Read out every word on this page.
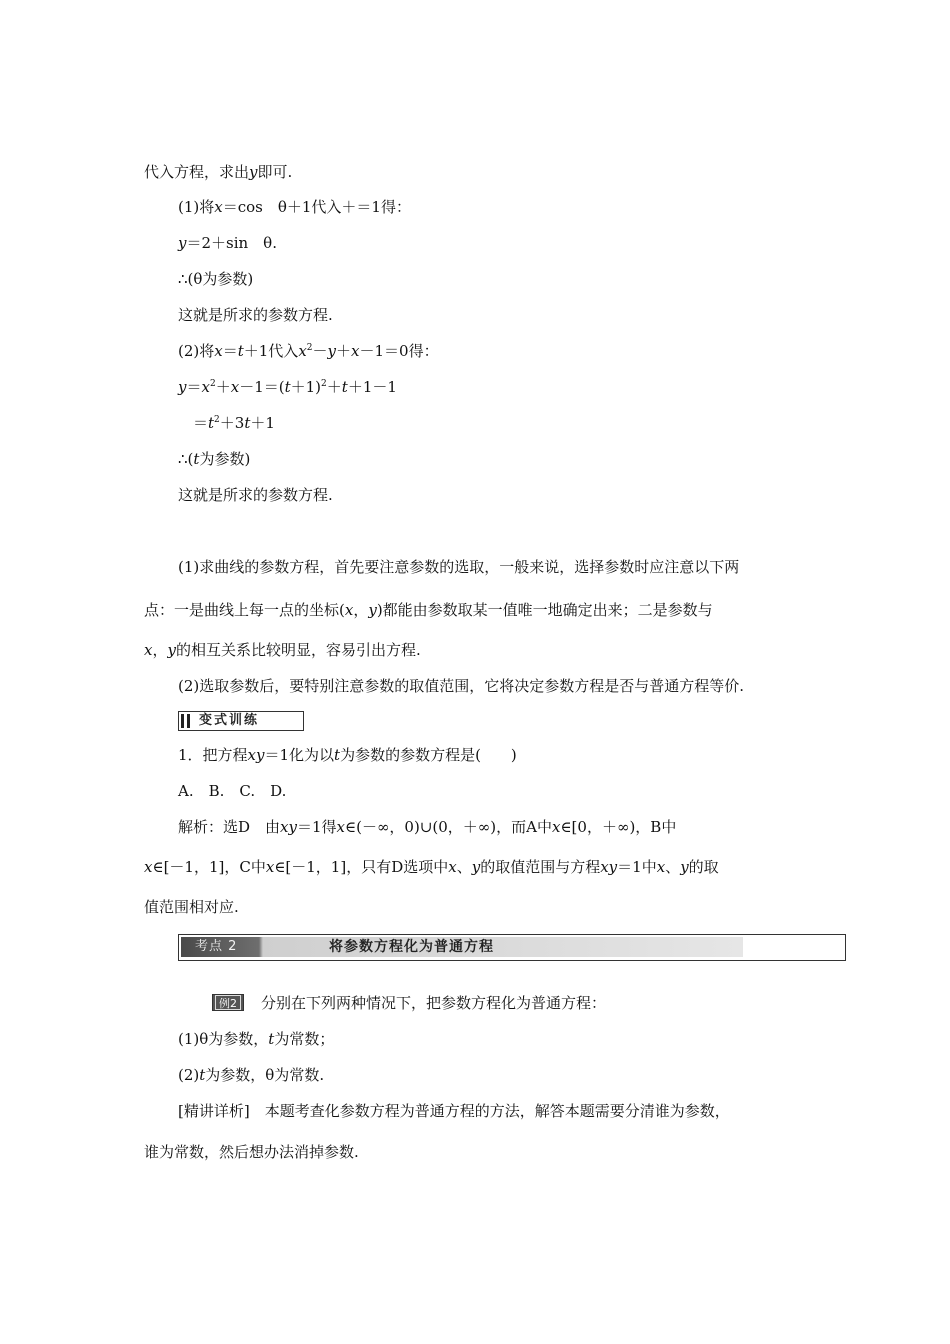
代入方程，求出y即可.
(1)将x＝cos　θ＋1代入＋＝1得：
y＝2＋sin　θ.
∴(θ为参数)
这就是所求的参数方程.
(2)将x＝t＋1代入$x^2-y+x-1=0$得：
$y=x^2+x-1=(t+1)^2+t+1-1$
$=t^2+3t+1$
∴(t为参数)
这就是所求的参数方程.
(1)求曲线的参数方程，首先要注意参数的选取，一般来说，选择参数时应注意以下两
点：一是曲线上每一点的坐标(x，y)都能由参数取某一值唯一地确定出来；二是参数与
x，y的相互关系比较明显，容易引出方程.
(2)选取参数后，要特别注意参数的取值范围，它将决定参数方程是否与普通方程等价.
变式训练
1．把方程xy＝1化为以t为参数的参数方程是(　　)
A.　B.　C.　D.
解析：选D　由xy＝1得x∈(－∞，0)∪(0，＋∞)，而A中x∈[0，＋∞)，B中
x∈[－1，1]，C中x∈[－1，1]，只有D选项中x、y的取值范围与方程xy＝1中x、y的取
值范围相对应.
考点 2	将参数方程化为普通方程
例2 分别在下列两种情况下，把参数方程化为普通方程：
(1)θ为参数，t为常数；
(2)t为参数，θ为常数.
[精讲详析]　本题考查化参数方程为普通方程的方法，解答本题需要分清谁为参数，
谁为常数，然后想办法消掉参数.
